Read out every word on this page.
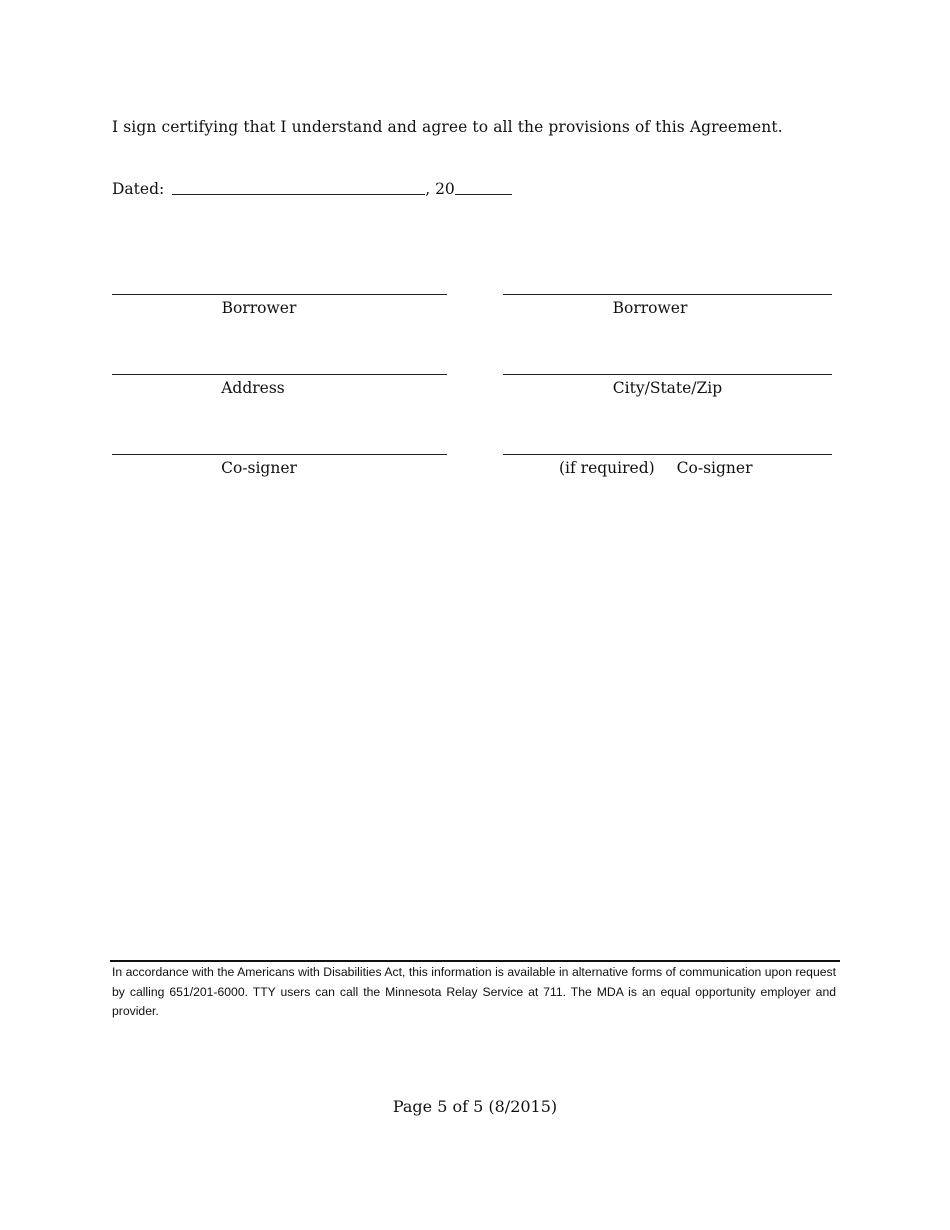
I sign certifying that I understand and agree to all the provisions of this Agreement.
Dated:	, 20
Borrower	Borrower
Address	City/State/Zip
Co-signer	(if required) Co-signer
In accordance with the Americans with Disabilities Act, this information is available in alternative forms of communication upon request by calling 651/201-6000. TTY users can call the Minnesota Relay Service at 711. The MDA is an equal opportunity employer and provider.
Page 5 of 5 (8/2015)
